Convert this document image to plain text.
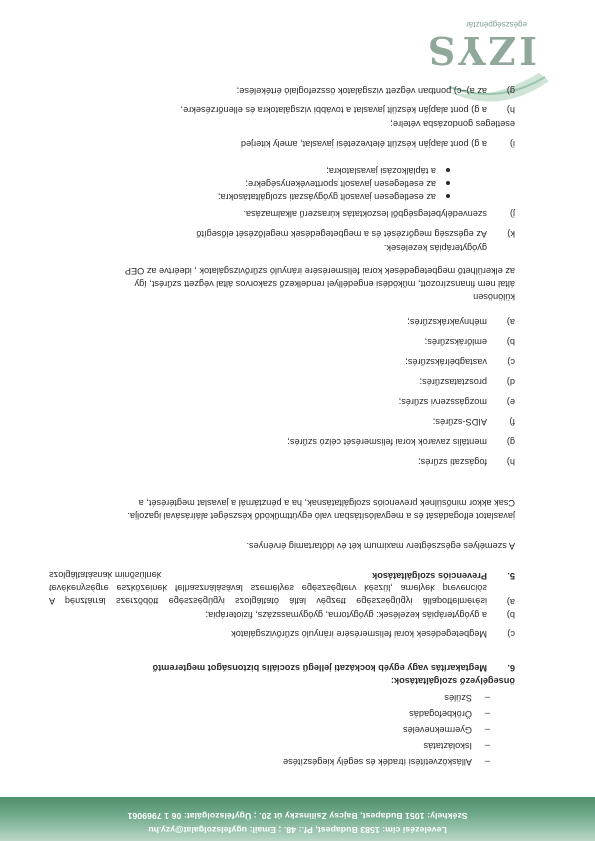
IZYS
egészségpénztár
g)
az a)–c) pontban végzett vizsgálatok összefoglaló értékelése;
h)
a g) pont alapján készült javaslat a további vizsgálatokra és ellenőrzésekre,
esetleges gondozásba vételre;
i)
a g) pont alapján készült életvezetési javaslat, amely kiterjed
a táplálkozási javaslatokra;
az esetlegesen javasolt sporttevékenységekre;
az esetlegesen javasolt gyógyászati szolgáltatásokra;
j)
szenvedélybetegségből leszoktatás kúraszerű alkalmazása.
k)
Az egészség megőrzését és a megbetegedések megelőzését elősegítő
gyógyterápiás kezelések.
az elkerülhető megbetegedések korai felismerésére irányuló szűrővizsgálatok , ideértve az OEP
által nem finanszírozott, működési engedéllyel rendelkező szakorvos által végzett szűrést, így
különösen
a)
méhnyakrákszűrés;
b)
emlőrákszűrés;
c)
vastagbélrákszűrés;
d)
prosztataszűrés;
e)
mozgásszervi szűrés;
f)
AIDS-szűrés;
g)
mentális zavarok korai felismerését célzó szűrés;
h)
fogászati szűrés;
Csak akkor minősülnek prevenciós szolgáltatásnak, ha a pénztárnál a javaslat megtérését, a
javaslatot elfogadását és a megvalósításban való együttműködő készséget aláírásával igazolja.
A személyes egészségterv maximum két év időtartamig érvényes.
5.
Prevenciós szolgáltatások
a)
A pénztárral szerződött egészségügyi szolgáltató által végzett egészségügyi állapotfelmérési tevékenységre eszközeinek felhasználásával személyes egészségterv készül, amelyek prevenciós szolgáltatásnak minősülnek
b)
a gyógyterápiás kezelések: gyógytorna, gyógymasszázs, fizioterápia;
c)
Megbetegedések korai felismerésére irányuló szűrővizsgálatok
6.
Megtakarítás vagy egyéb kockázati jellegű szociális biztonságot megteremtő
önsegélyező szolgáltatások:
–
Szülés
–
Örökbefogadás
–
Gyermeknevelés
–
Iskoláztatás
–
Allásközvetítési ítradék és segély kiegészítése
Levelezési cím: 1583 Budapest, Pf.: 48. ; Email: ugyfelszolgalat@yzy.hu
Székhely: 1051 Budapest, Bajcsy Zsilinszky út 20. ; Ügyfélszolgálat: 06 1 7969061
